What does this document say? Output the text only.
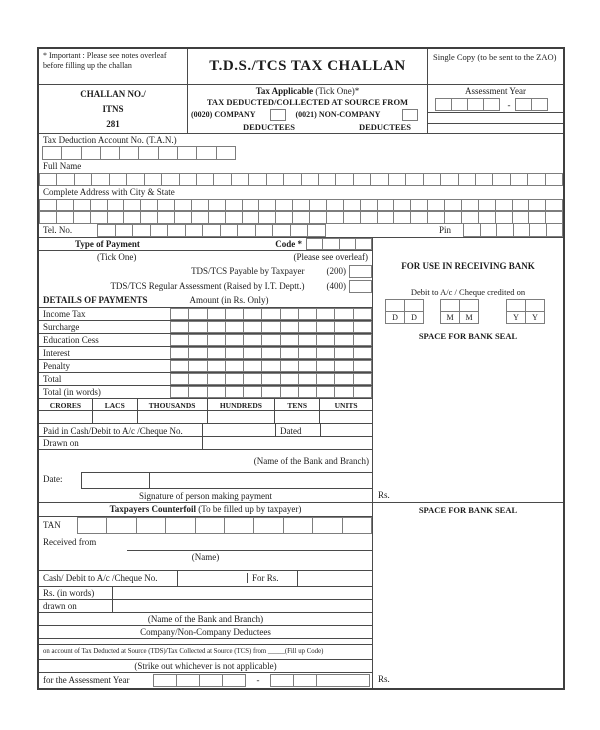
* Important : Please see notes overleaf before filling up the challan	T.D.S./TCS TAX CHALLAN
Single Copy (to be sent to the ZAO)
CHALLAN NO./
ITNS
281
Tax Applicable (Tick One)*
TAX DEDUCTED/COLLECTED AT SOURCE FROM
(0020) COMPANY	(0021) NON-COMPANY
DEDUCTEES	DEDUCTEES
Assessment Year
-
Tax Deduction Account No. (T.A.N.)
Full Name
Complete Address with City & State
Tel. No.	Pin
Type of Payment	Code *
(Tick One)	(Please see overleaf)
TDS/TCS Payable by Taxpayer (200)
TDS/TCS Regular Assessment (Raised by I.T. Deptt.) (400)
DETAILS OF PAYMENTS	Amount (in Rs. Only)
Income Tax
Surcharge
Education Cess
Interest
Penalty
Total
Total (in words)
CRORES	LACS	THOUSANDS	HUNDREDS	TENS	UNITS
Paid in Cash/Debit to A/c /Cheque No.	Dated
Drawn on
(Name of the Bank and Branch)
Date:
Signature of person making payment
FOR USE IN RECEIVING BANK
Debit to A/c / Cheque credited on
D	D	M	M	Y	Y
SPACE FOR BANK SEAL
Rs.
Taxpayers Counterfoil (To be filled up by taxpayer)
TAN
Received from
(Name)
Cash/ Debit to A/c /Cheque No.	For Rs.
Rs. (in words)
drawn on
(Name of the Bank and Branch)
Company/Non-Company Deductees
on account of Tax Deducted at Source (TDS)/Tax Collected at Source (TCS) from _____(Fill up Code)
(Strike out whichever is not applicable)
for the Assessment Year	-
SPACE FOR BANK SEAL
Rs.
